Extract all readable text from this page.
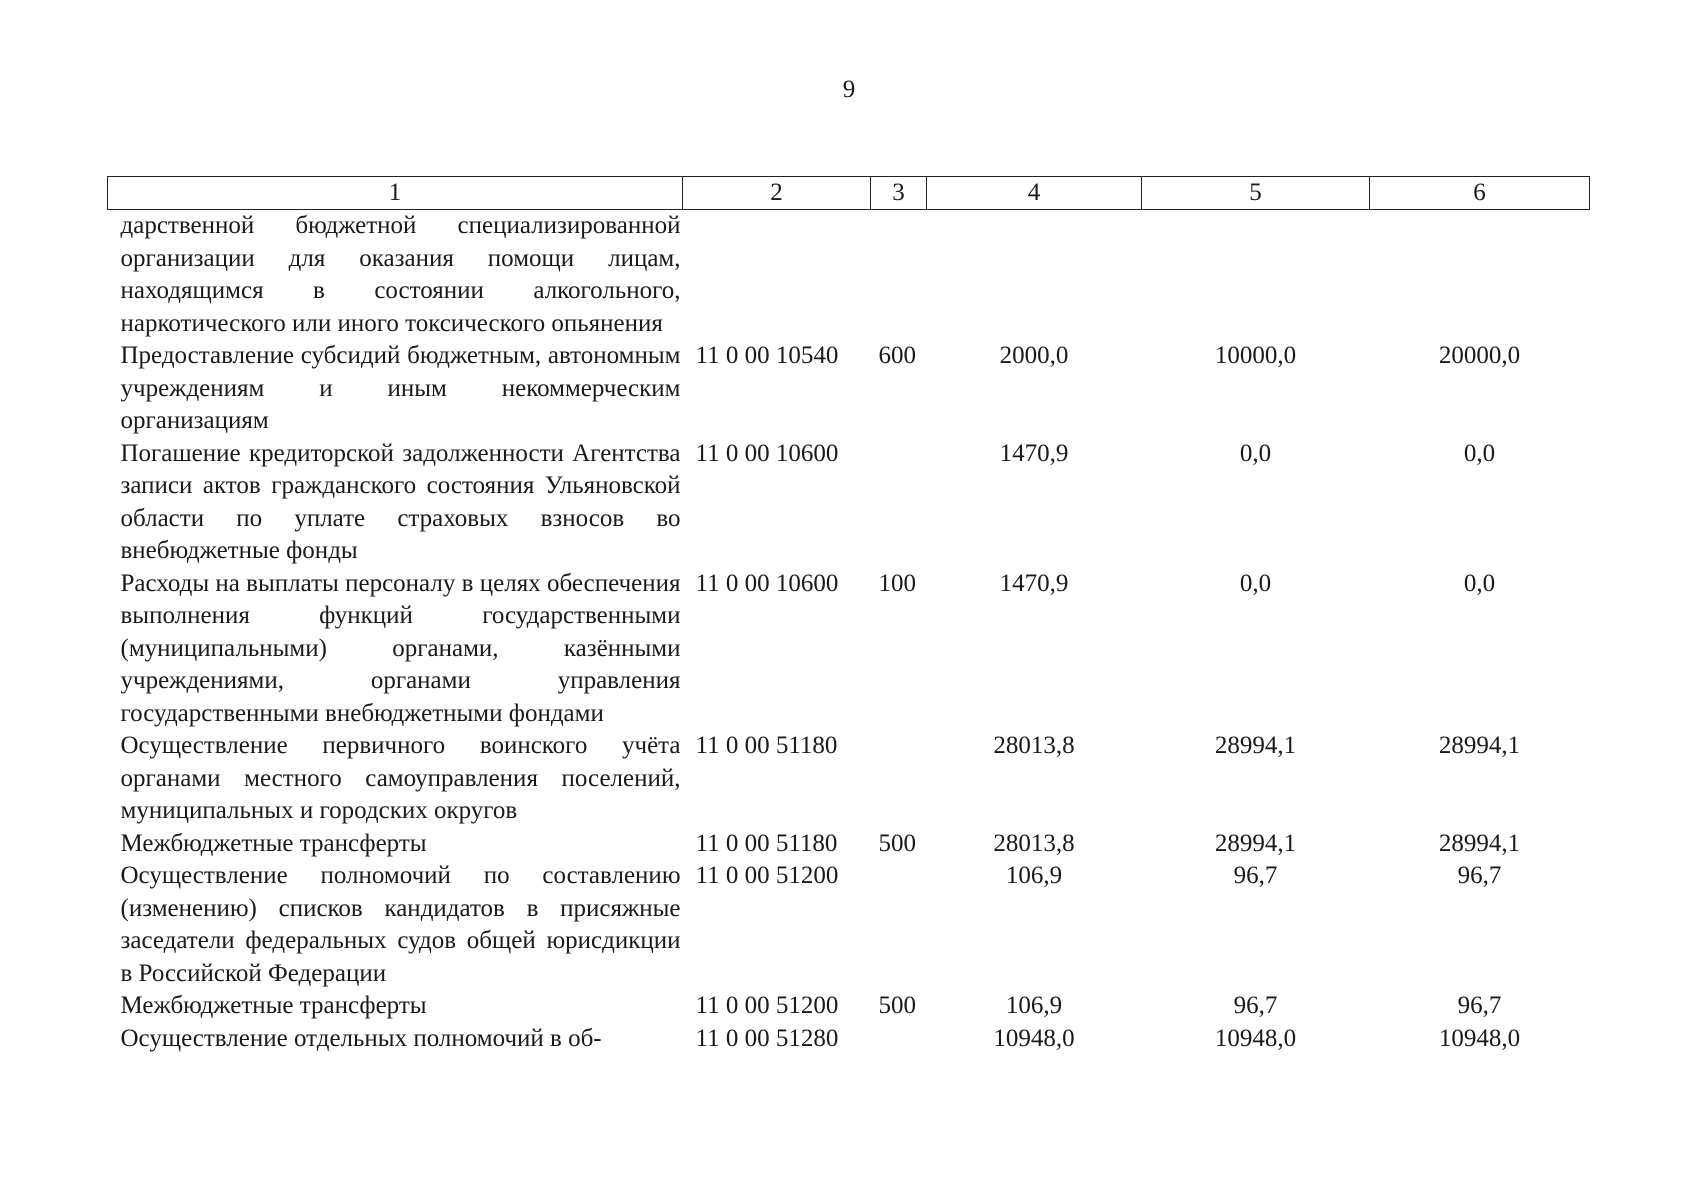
9
1	2	3	4	5	6
дарственной бюджетной специализированной организации для оказания помощи лицам, находящимся в состоянии алкогольного, наркотического или иного токсического опьянения					
Предоставление субсидий бюджетным, автономным учреждениям и иным некоммерческим организациям	11 0 00 10540	600	2000,0	10000,0	20000,0
Погашение кредиторской задолженности Агентства записи актов гражданского состояния Ульяновской области по уплате страховых взносов во внебюджетные фонды	11 0 00 10600		1470,9	0,0	0,0
Расходы на выплаты персоналу в целях обеспечения выполнения функций государственными (муниципальными) органами, казёнными учреждениями, органами управления государственными внебюджетными фондами	11 0 00 10600	100	1470,9	0,0	0,0
Осуществление первичного воинского учёта органами местного самоуправления поселений, муниципальных и городских округов	11 0 00 51180		28013,8	28994,1	28994,1
Межбюджетные трансферты	11 0 00 51180	500	28013,8	28994,1	28994,1
Осуществление полномочий по составлению (изменению) списков кандидатов в присяжные заседатели федеральных судов общей юрисдикции в Российской Федерации	11 0 00 51200		106,9	96,7	96,7
Межбюджетные трансферты	11 0 00 51200	500	106,9	96,7	96,7
Осуществление отдельных полномочий в об-	11 0 00 51280		10948,0	10948,0	10948,0
